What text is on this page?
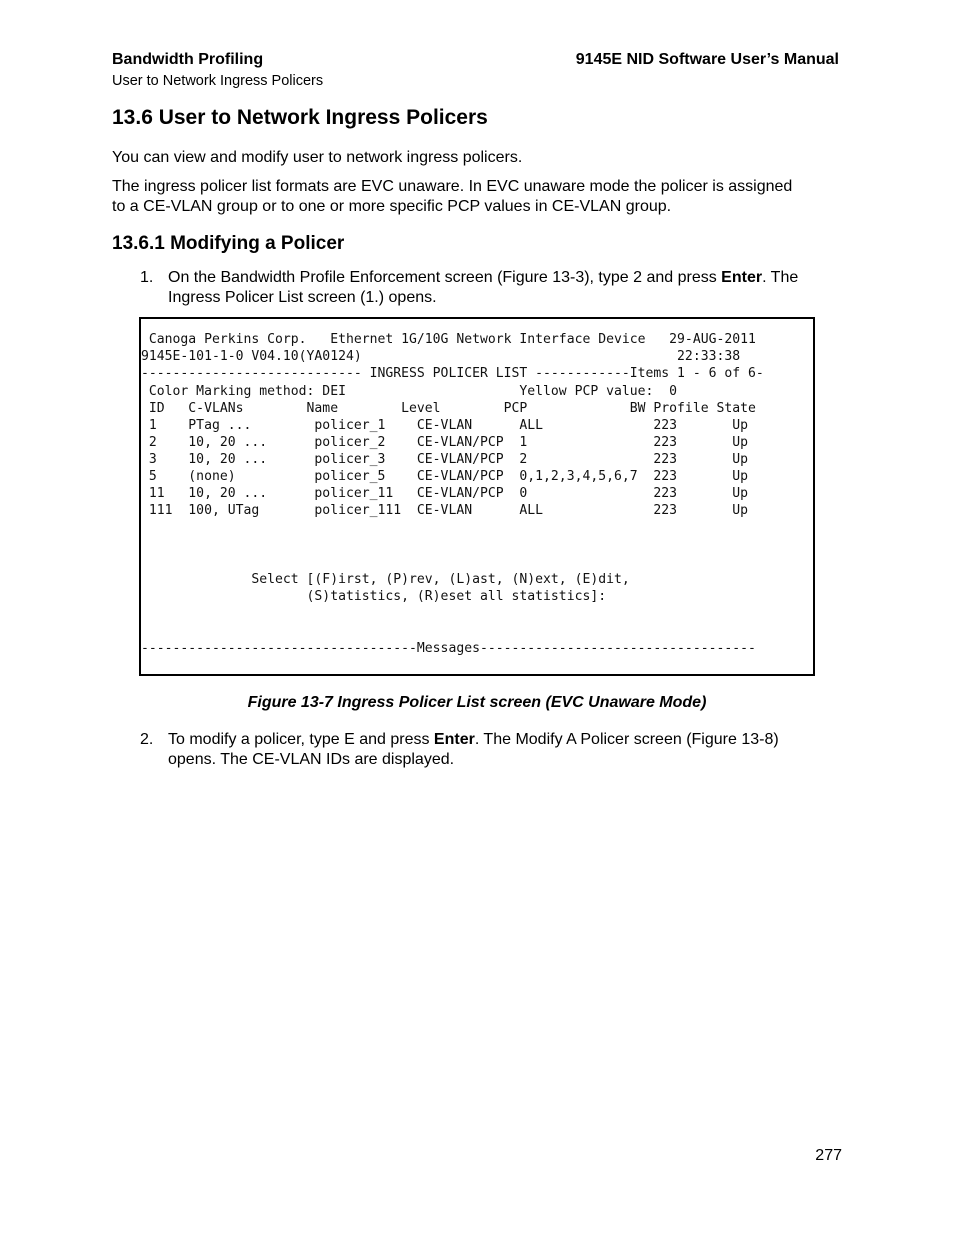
Bandwidth Profiling	9145E NID Software User’s Manual
User to Network Ingress Policers
13.6 User to Network Ingress Policers
You can view and modify user to network ingress policers.
The ingress policer list formats are EVC unaware. In EVC unaware mode the policer is assigned
to a CE-VLAN group or to one or more specific PCP values in CE-VLAN group.
13.6.1 Modifying a Policer
1. On the Bandwidth Profile Enforcement screen (Figure 13-3), type 2 and press Enter. The
Ingress Policer List screen (1.) opens.
Canoga Perkins Corp.   Ethernet 1G/10G Network Interface Device   29-AUG-2011
9145E-101-1-0 V04.10(YA0124)                                        22:33:38
---------------------------- INGRESS POLICER LIST ------------Items 1 - 6 of 6-
Color Marking method: DEI                      Yellow PCP value:  0
ID   C-VLANs        Name        Level        PCP             BW Profile State
1    PTag ...        policer_1    CE-VLAN      ALL              223       Up
2    10, 20 ...      policer_2    CE-VLAN/PCP  1                223       Up
3    10, 20 ...      policer_3    CE-VLAN/PCP  2                223       Up
5    (none)          policer_5    CE-VLAN/PCP  0,1,2,3,4,5,6,7  223       Up
11   10, 20 ...      policer_11   CE-VLAN/PCP  0                223       Up
111  100, UTag       policer_111  CE-VLAN      ALL              223       Up
Select [(F)irst, (P)rev, (L)ast, (N)ext, (E)dit,
(S)tatistics, (R)eset all statistics]:
-----------------------------------Messages-----------------------------------
Figure 13-7 Ingress Policer List screen (EVC Unaware Mode)
2. To modify a policer, type E and press Enter. The Modify A Policer screen (Figure 13-8)
opens. The CE-VLAN IDs are displayed.
277
